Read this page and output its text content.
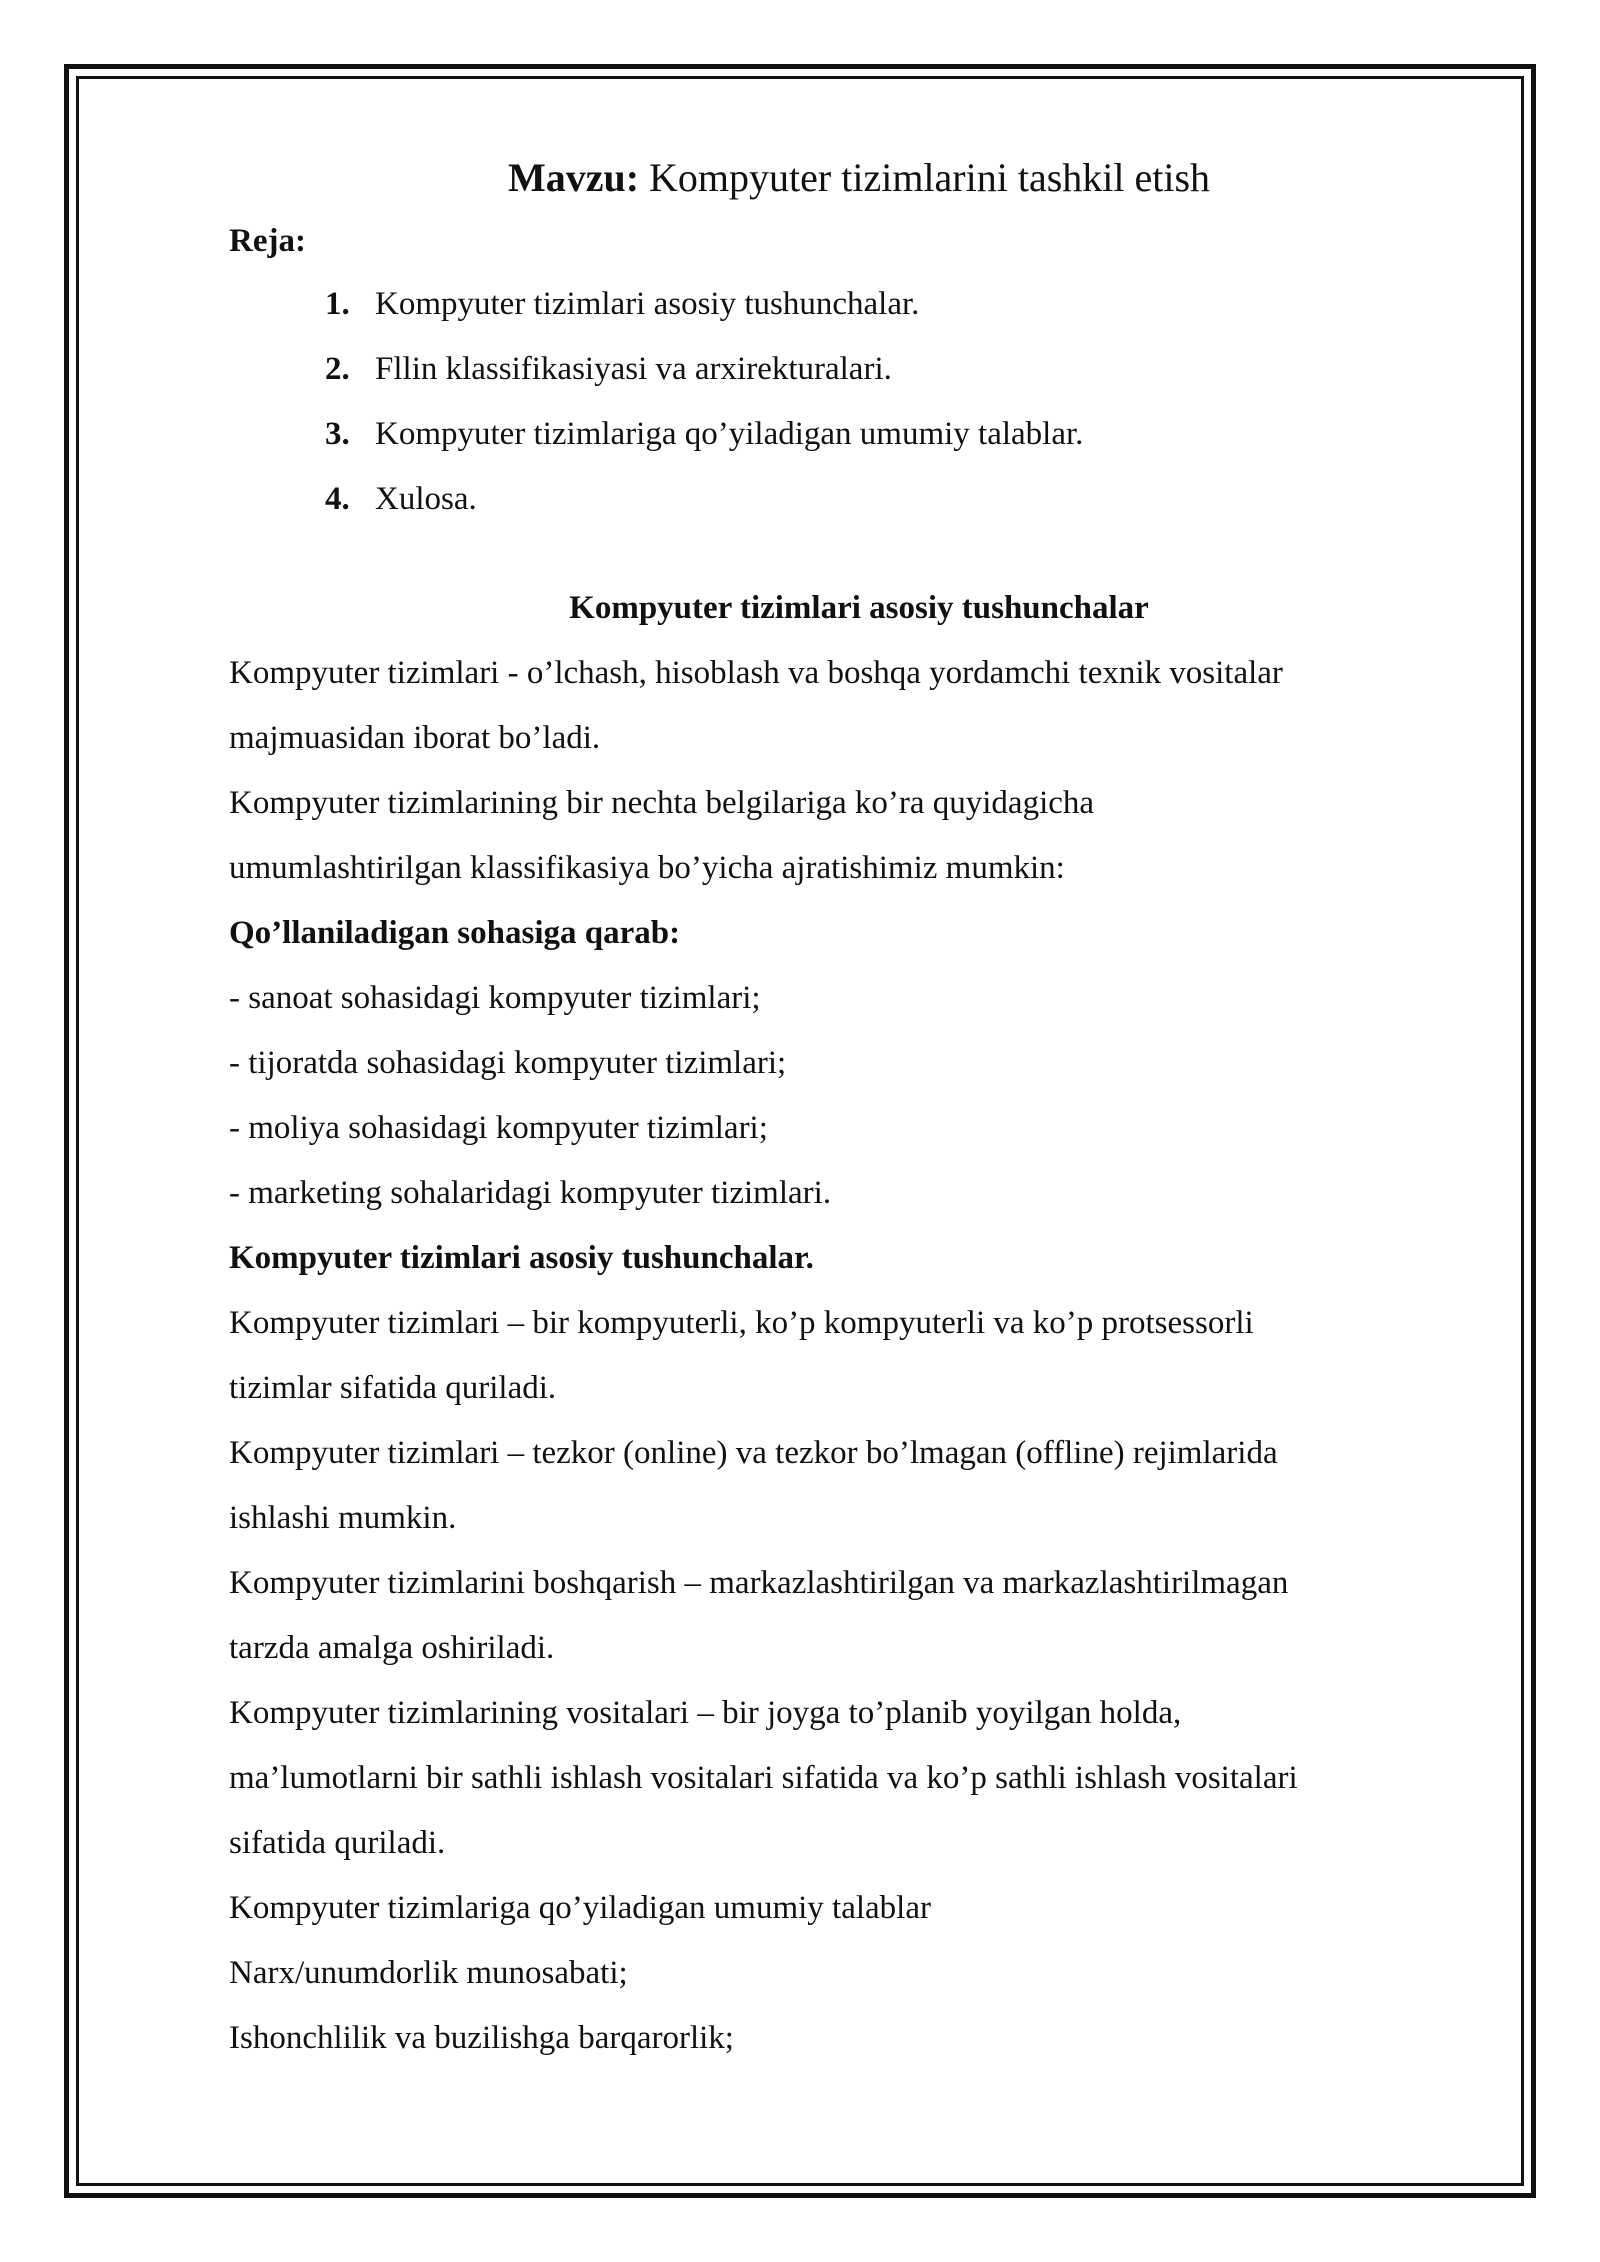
Mavzu: Kompyuter tizimlarini tashkil etish

Reja:

1. Kompyuter tizimlari asosiy tushunchalar.
2. Fllin klassifikasiyasi va arxirekturalari.
3. Kompyuter tizimlariga qo’yiladigan umumiy talablar.
4. Xulosa.

Kompyuter tizimlari asosiy tushunchalar

Kompyuter tizimlari - o’lchash, hisoblash va boshqa yordamchi texnik vositalar

majmuasidan iborat bo’ladi.

Kompyuter tizimlarining bir nechta belgilariga ko’ra quyidagicha

umumlashtirilgan klassifikasiya bo’yicha ajratishimiz mumkin:

Qo’llaniladigan sohasiga qarab:

- sanoat sohasidagi kompyuter tizimlari;

- tijoratda sohasidagi kompyuter tizimlari;

- moliya sohasidagi kompyuter tizimlari;

- marketing sohalaridagi kompyuter tizimlari.

Kompyuter tizimlari asosiy tushunchalar.

Kompyuter tizimlari – bir kompyuterli, ko’p kompyuterli va ko’p protsessorli

tizimlar sifatida quriladi.

Kompyuter tizimlari – tezkor (online) va tezkor bo’lmagan (offline) rejimlarida

ishlashi mumkin.

Kompyuter tizimlarini boshqarish – markazlashtirilgan va markazlashtirilmagan

tarzda amalga oshiriladi.

Kompyuter tizimlarining vositalari – bir joyga to’planib yoyilgan holda,

ma’lumotlarni bir sathli ishlash vositalari sifatida va ko’p sathli ishlash vositalari

sifatida quriladi.

Kompyuter tizimlariga qo’yiladigan umumiy talablar

Narx/unumdorlik munosabati;

Ishonchlilik va buzilishga barqarorlik;
